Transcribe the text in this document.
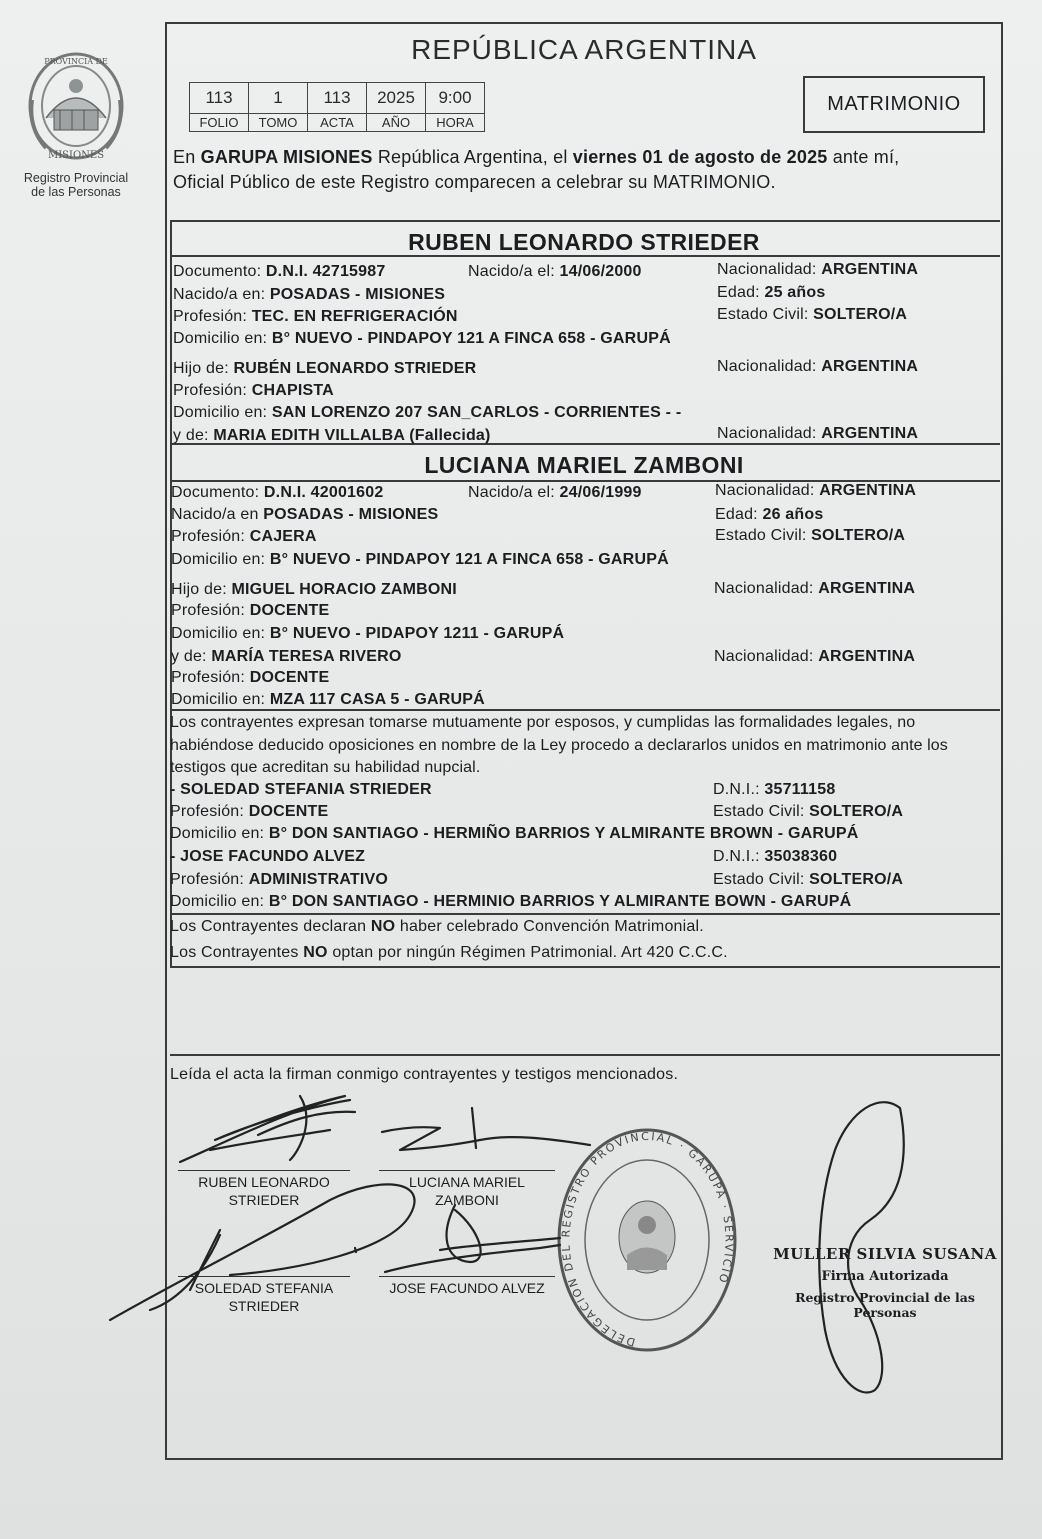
PROVINCIA DE
MISIONES
Registro Provincial
de las Personas
REPÚBLICA ARGENTINA
113	1	113	2025	9:00
FOLIO	TOMO	ACTA	AÑO	HORA
MATRIMONIO
En GARUPA MISIONES República Argentina, el viernes 01 de agosto de 2025 ante mí,
Oficial Público de este Registro comparecen a celebrar su MATRIMONIO.
RUBEN LEONARDO STRIEDER
Documento: D.N.I. 42715987	Nacido/a el: 14/06/2000	Nacionalidad: ARGENTINA
Nacido/a en: POSADAS - MISIONES	Edad: 25 años
Profesión: TEC. EN REFRIGERACIÓN	Estado Civil: SOLTERO/A
Domicilio en: B° NUEVO - PINDAPOY 121 A FINCA 658 - GARUPÁ
Hijo de: RUBÉN LEONARDO STRIEDER	Nacionalidad: ARGENTINA
Profesión: CHAPISTA
Domicilio en: SAN LORENZO 207 SAN_CARLOS - CORRIENTES - -
y de: MARIA EDITH VILLALBA (Fallecida)	Nacionalidad: ARGENTINA
LUCIANA MARIEL ZAMBONI
Documento: D.N.I. 42001602	Nacido/a el: 24/06/1999	Nacionalidad: ARGENTINA
Nacido/a en POSADAS - MISIONES	Edad: 26 años
Profesión: CAJERA	Estado Civil: SOLTERO/A
Domicilio en: B° NUEVO - PINDAPOY 121 A FINCA 658 - GARUPÁ
Hijo de: MIGUEL HORACIO ZAMBONI	Nacionalidad: ARGENTINA
Profesión: DOCENTE
Domicilio en: B° NUEVO - PIDAPOY 1211 - GARUPÁ
y de: MARÍA TERESA RIVERO	Nacionalidad: ARGENTINA
Profesión: DOCENTE
Domicilio en: MZA 117 CASA 5 - GARUPÁ
Los contrayentes expresan tomarse mutuamente por esposos, y cumplidas las formalidades legales, no habiéndose deducido oposiciones en nombre de la Ley procedo a declararlos unidos en matrimonio ante los testigos que acreditan su habilidad nupcial.
- SOLEDAD STEFANIA STRIEDER	D.N.I.: 35711158
Profesión: DOCENTE	Estado Civil: SOLTERO/A
Domicilio en: B° DON SANTIAGO - HERMIÑO BARRIOS Y ALMIRANTE BROWN - GARUPÁ
- JOSE FACUNDO ALVEZ	D.N.I.: 35038360
Profesión: ADMINISTRATIVO	Estado Civil: SOLTERO/A
Domicilio en: B° DON SANTIAGO - HERMINIO BARRIOS Y ALMIRANTE BOWN - GARUPÁ
Los Contrayentes declaran NO haber celebrado Convención Matrimonial.
Los Contrayentes NO optan por ningún Régimen Patrimonial. Art 420 C.C.C.
Leída el acta la firman conmigo contrayentes y testigos mencionados.
RUBEN LEONARDO
STRIEDER
LUCIANA MARIEL
ZAMBONI
SOLEDAD STEFANIA
STRIEDER
JOSE FACUNDO ALVEZ
DELEGACION DEL REGISTRO PROVINCIAL · GARUPA · SERVICIO
MULLER SILVIA SUSANA
Firma Autorizada
Registro Provincial de las Personas
